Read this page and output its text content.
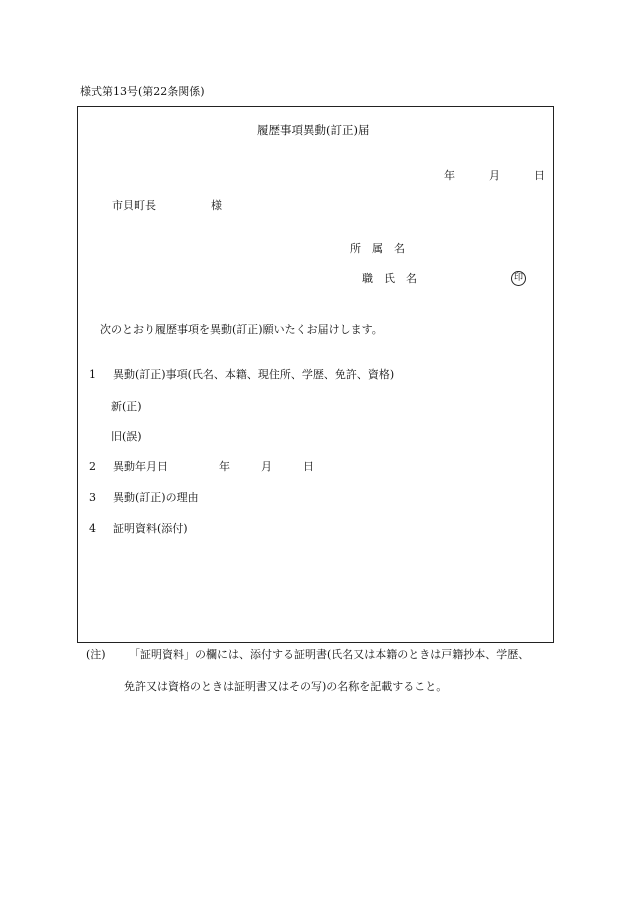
様式第13号(第22条関係)
履歴事項異動(訂正)届
年	月	日
市貝町長	様
所　属　名
職　氏　名	印
次のとおり履歴事項を異動(訂正)願いたくお届けします。
1 異動(訂正)事項(氏名、本籍、現住所、学歴、免許、資格)
新(正)
旧(誤)
2 異動年月日	年	月	日
3 異動(訂正)の理由
4 証明資料(添付)
(注) 「証明資料」の欄には、添付する証明書(氏名又は本籍のときは戸籍抄本、学歴、
免許又は資格のときは証明書又はその写)の名称を記載すること。
